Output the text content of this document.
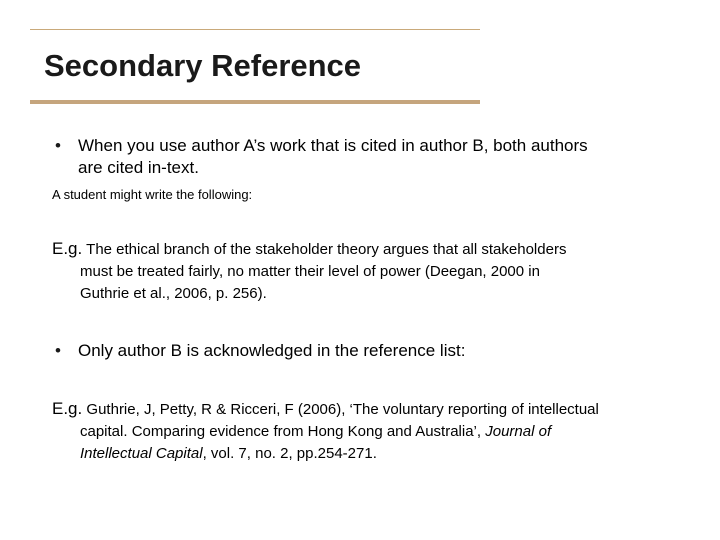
Secondary Reference
• When you use author A’s work that is cited in author B, both authors
are cited in-text.
A student might write the following:
E.g. The ethical branch of the stakeholder theory argues that all stakeholders
must be treated fairly, no matter their level of power (Deegan, 2000 in
Guthrie et al., 2006, p. 256).
• Only author B is acknowledged in the reference list:
E.g. Guthrie, J, Petty, R & Ricceri, F (2006), ‘The voluntary reporting of intellectual
capital. Comparing evidence from Hong Kong and Australia’, Journal of
Intellectual Capital, vol. 7, no. 2, pp.254-271.
